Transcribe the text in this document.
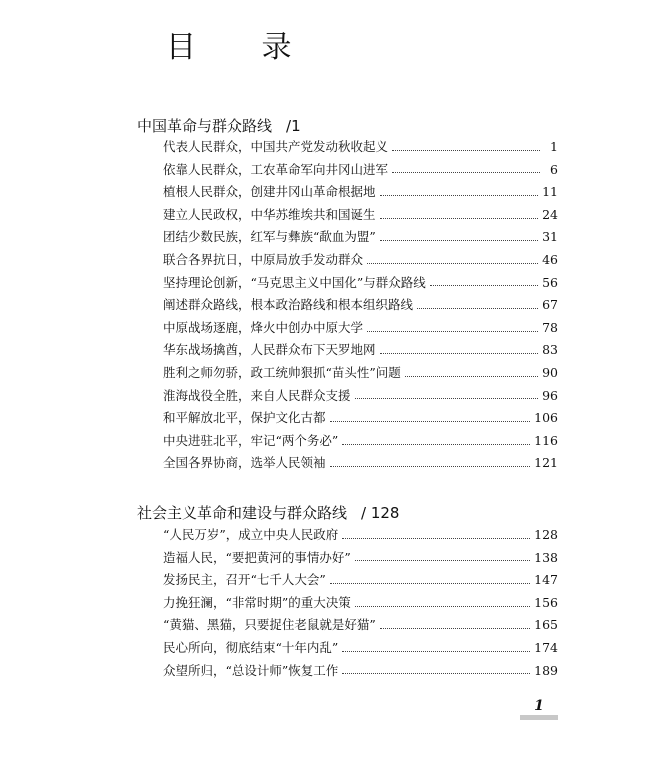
目 录
中国革命与群众路线 /1
代表人民群众，中国共产党发动秋收起义	1
依靠人民群众，工农革命军向井冈山进军	6
植根人民群众，创建井冈山革命根据地	11
建立人民政权，中华苏维埃共和国诞生	24
团结少数民族，红军与彝族“歃血为盟”	31
联合各界抗日，中原局放手发动群众	46
坚持理论创新，“马克思主义中国化”与群众路线	56
阐述群众路线，根本政治路线和根本组织路线	67
中原战场逐鹿，烽火中创办中原大学	78
华东战场擒酋，人民群众布下天罗地网	83
胜利之师勿骄，政工统帅狠抓“苗头性”问题	90
淮海战役全胜，来自人民群众支援	96
和平解放北平，保护文化古都	106
中央进驻北平，牢记“两个务必”	116
全国各界协商，选举人民领袖	121
社会主义革命和建设与群众路线 / 128
“人民万岁”，成立中央人民政府	128
造福人民，“要把黄河的事情办好”	138
发扬民主，召开“七千人大会”	147
力挽狂澜，“非常时期”的重大决策	156
“黄猫、黑猫，只要捉住老鼠就是好猫”	165
民心所向，彻底结束“十年内乱”	174
众望所归，“总设计师”恢复工作	189
1
